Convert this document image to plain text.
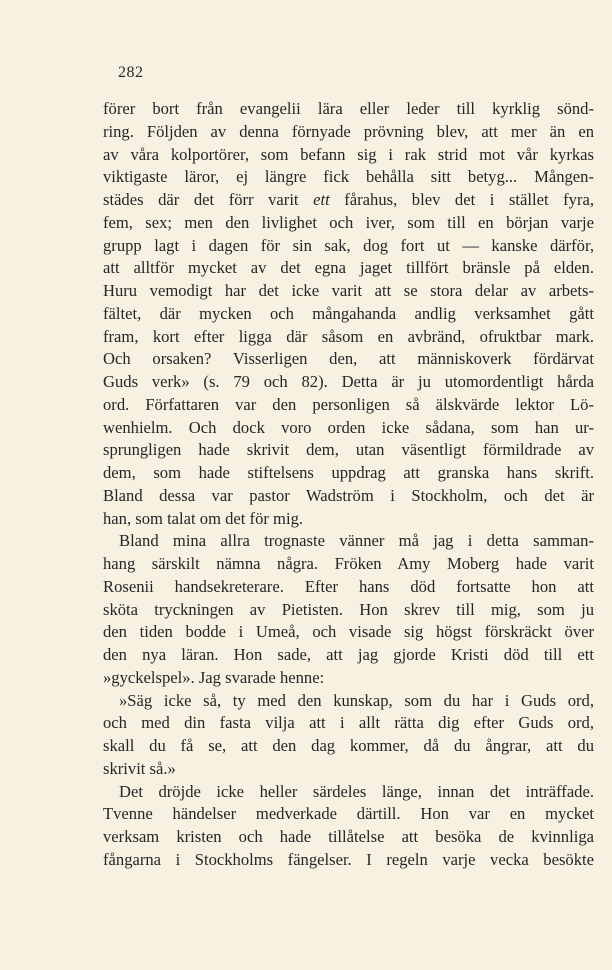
282
förer bort från evangelii lära eller leder till kyrklig sönd-
ring. Följden av denna förnyade prövning blev, att mer än en
av våra kolportörer, som befann sig i rak strid mot vår kyrkas
viktigaste läror, ej längre fick behålla sitt betyg... Mången-
städes där det förr varit ett fårahus, blev det i stället fyra,
fem, sex; men den livlighet och iver, som till en början varje
grupp lagt i dagen för sin sak, dog fort ut — kanske därför,
att alltför mycket av det egna jaget tillfört bränsle på elden.
Huru vemodigt har det icke varit att se stora delar av arbets-
fältet, där mycken och mångahanda andlig verksamhet gått
fram, kort efter ligga där såsom en avbränd, ofruktbar mark.
Och orsaken? Visserligen den, att människoverk fördärvat
Guds verk» (s. 79 och 82). Detta är ju utomordentligt hårda
ord. Författaren var den personligen så älskvärde lektor Lö-
wenhielm. Och dock voro orden icke sådana, som han ur-
sprungligen hade skrivit dem, utan väsentligt förmildrade av
dem, som hade stiftelsens uppdrag att granska hans skrift.
Bland dessa var pastor Wadström i Stockholm, och det är
han, som talat om det för mig.
Bland mina allra trognaste vänner må jag i detta samman-
hang särskilt nämna några. Fröken Amy Moberg hade varit
Rosenii handsekreterare. Efter hans död fortsatte hon att
sköta tryckningen av Pietisten. Hon skrev till mig, som ju
den tiden bodde i Umeå, och visade sig högst förskräckt över
den nya läran. Hon sade, att jag gjorde Kristi död till ett
»gyckelspel». Jag svarade henne:
»Säg icke så, ty med den kunskap, som du har i Guds ord,
och med din fasta vilja att i allt rätta dig efter Guds ord,
skall du få se, att den dag kommer, då du ångrar, att du
skrivit så.»
Det dröjde icke heller särdeles länge, innan det inträffade.
Tvenne händelser medverkade därtill. Hon var en mycket
verksam kristen och hade tillåtelse att besöka de kvinnliga
fångarna i Stockholms fängelser. I regeln varje vecka besökte
